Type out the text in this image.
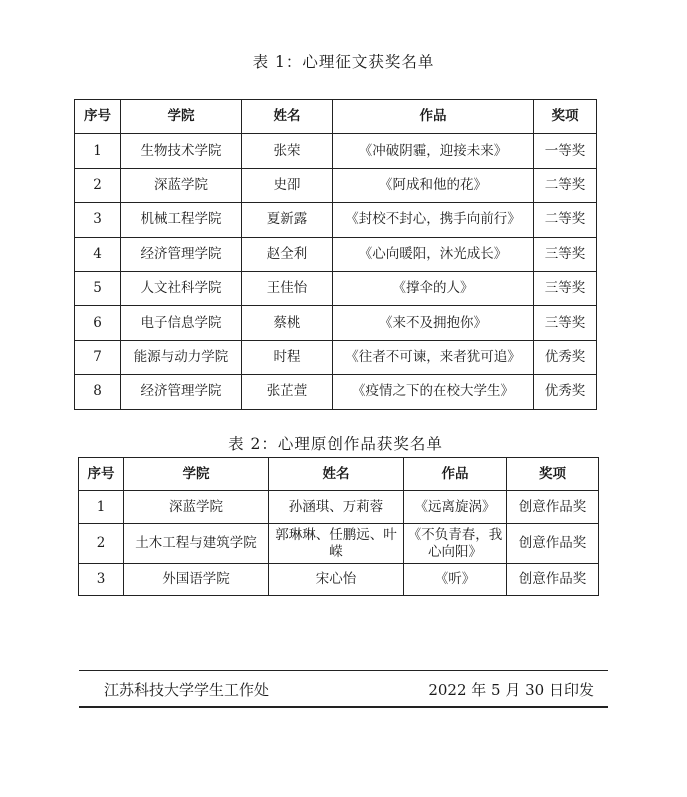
表 1：心理征文获奖名单
序号	学院	姓名	作品	奖项
1	生物技术学院	张荣	《冲破阴霾，迎接未来》	一等奖
2	深蓝学院	史卲	《阿成和他的花》	二等奖
3	机械工程学院	夏新露	《封校不封心，携手向前行》	二等奖
4	经济管理学院	赵全利	《心向暖阳，沐光成长》	三等奖
5	人文社科学院	王佳怡	《撑伞的人》	三等奖
6	电子信息学院	蔡桃	《来不及拥抱你》	三等奖
7	能源与动力学院	时程	《往者不可谏，来者犹可追》	优秀奖
8	经济管理学院	张芷萱	《疫情之下的在校大学生》	优秀奖
表 2：心理原创作品获奖名单
序号	学院	姓名	作品	奖项
1	深蓝学院	孙涵琪、万莉蓉	《远离旋涡》	创意作品奖
2	土木工程与建筑学院	郭琳琳、任鹏远、叶嵘	《不负青春，我心向阳》	创意作品奖
3	外国语学院	宋心怡	《听》	创意作品奖
江苏科技大学学生工作处	2022 年 5 月 30 日印发
